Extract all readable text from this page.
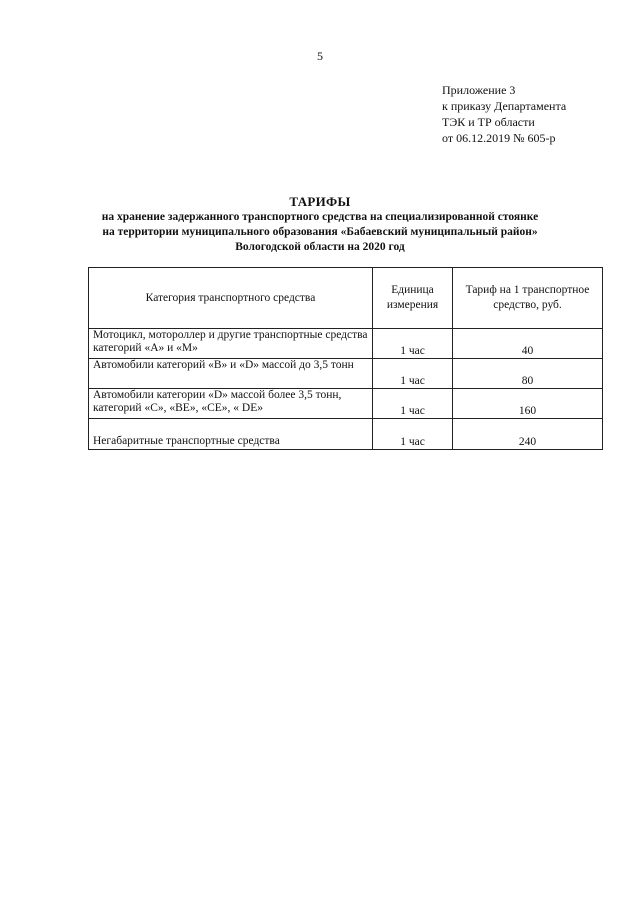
5
Приложение 3
к приказу Департамента
ТЭК и ТР области
от 06.12.2019 № 605-р
ТАРИФЫ
на хранение задержанного транспортного средства на специализированной стоянке
на территории муниципального образования «Бабаевский муниципальный район»
Вологодской области на 2020 год
Категория транспортного средства	Единица измерения	Тариф на 1 транспортное средство, руб.
Мотоцикл, мотороллер и другие транспортные средства категорий «А» и «М»	1 час	40
Автомобили категорий «В» и «D» массой до 3,5 тонн	1 час	80
Автомобили категории «D» массой более 3,5 тонн, категорий «С», «ВЕ», «СЕ», « DE»	1 час	160
Негабаритные транспортные средства	1 час	240
